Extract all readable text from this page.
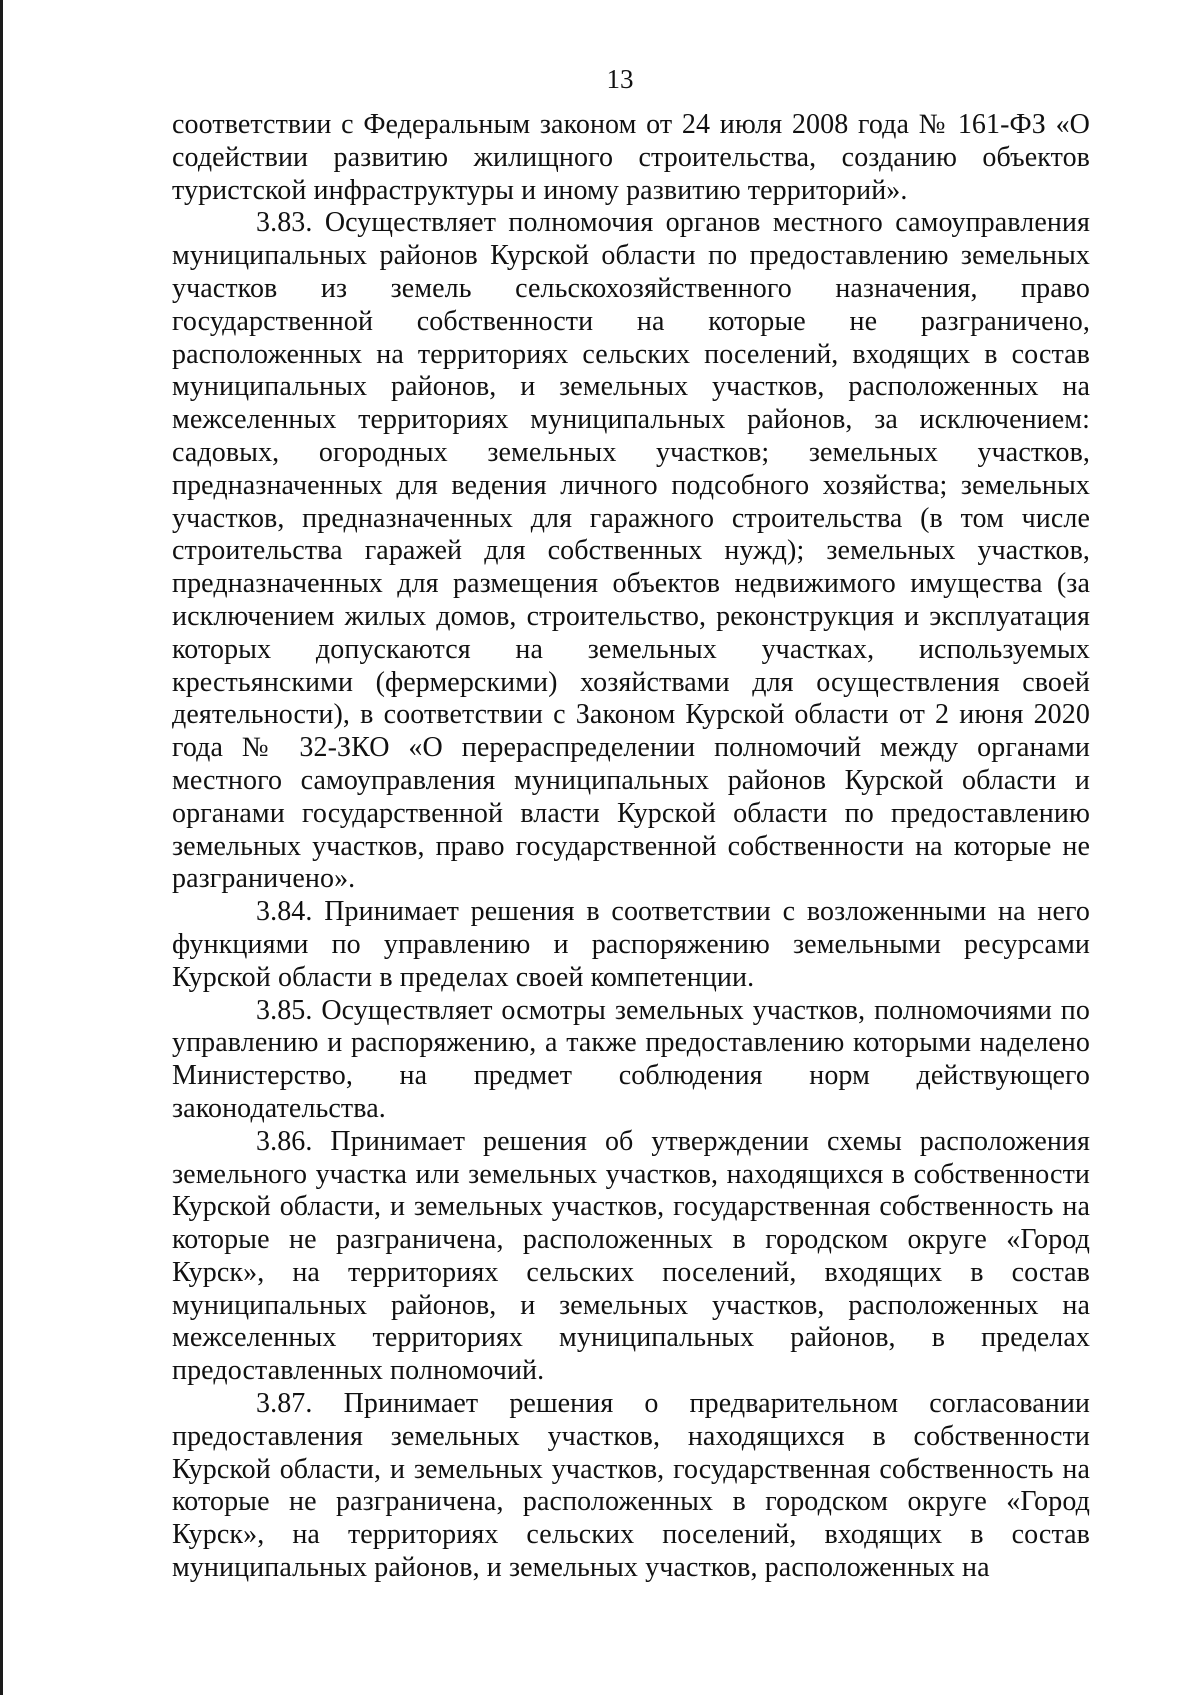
13

соответствии с Федеральным законом от 24 июля 2008 года № 161-ФЗ «О содействии развитию жилищного строительства, созданию объектов туристской инфраструктуры и иному развитию территорий».

3.83. Осуществляет полномочия органов местного самоуправления муниципальных районов Курской области по предоставлению земельных участков из земель сельскохозяйственного назначения, право государственной собственности на которые не разграничено, расположенных на территориях сельских поселений, входящих в состав муниципальных районов, и земельных участков, расположенных на межселенных территориях муниципальных районов, за исключением: садовых, огородных земельных участков; земельных участков, предназначенных для ведения личного подсобного хозяйства; земельных участков, предназначенных для гаражного строительства (в том числе строительства гаражей для собственных нужд); земельных участков, предназначенных для размещения объектов недвижимого имущества (за исключением жилых домов, строительство, реконструкция и эксплуатация которых допускаются на земельных участках, используемых крестьянскими (фермерскими) хозяйствами для осуществления своей деятельности), в соответствии с Законом Курской области от 2 июня 2020 года № 32-ЗКО «О перераспределении полномочий между органами местного самоуправления муниципальных районов Курской области и органами государственной власти Курской области по предоставлению земельных участков, право государственной собственности на которые не разграничено».

3.84. Принимает решения в соответствии с возложенными на него функциями по управлению и распоряжению земельными ресурсами Курской области в пределах своей компетенции.

3.85. Осуществляет осмотры земельных участков, полномочиями по управлению и распоряжению, а также предоставлению которыми наделено Министерство, на предмет соблюдения норм действующего законодательства.

3.86. Принимает решения об утверждении схемы расположения земельного участка или земельных участков, находящихся в собственности Курской области, и земельных участков, государственная собственность на которые не разграничена, расположенных в городском округе «Город Курск», на территориях сельских поселений, входящих в состав муниципальных районов, и земельных участков, расположенных на межселенных территориях муниципальных районов, в пределах предоставленных полномочий.

3.87. Принимает решения о предварительном согласовании предоставления земельных участков, находящихся в собственности Курской области, и земельных участков, государственная собственность на которые не разграничена, расположенных в городском округе «Город Курск», на территориях сельских поселений, входящих в состав муниципальных районов, и земельных участков, расположенных на
